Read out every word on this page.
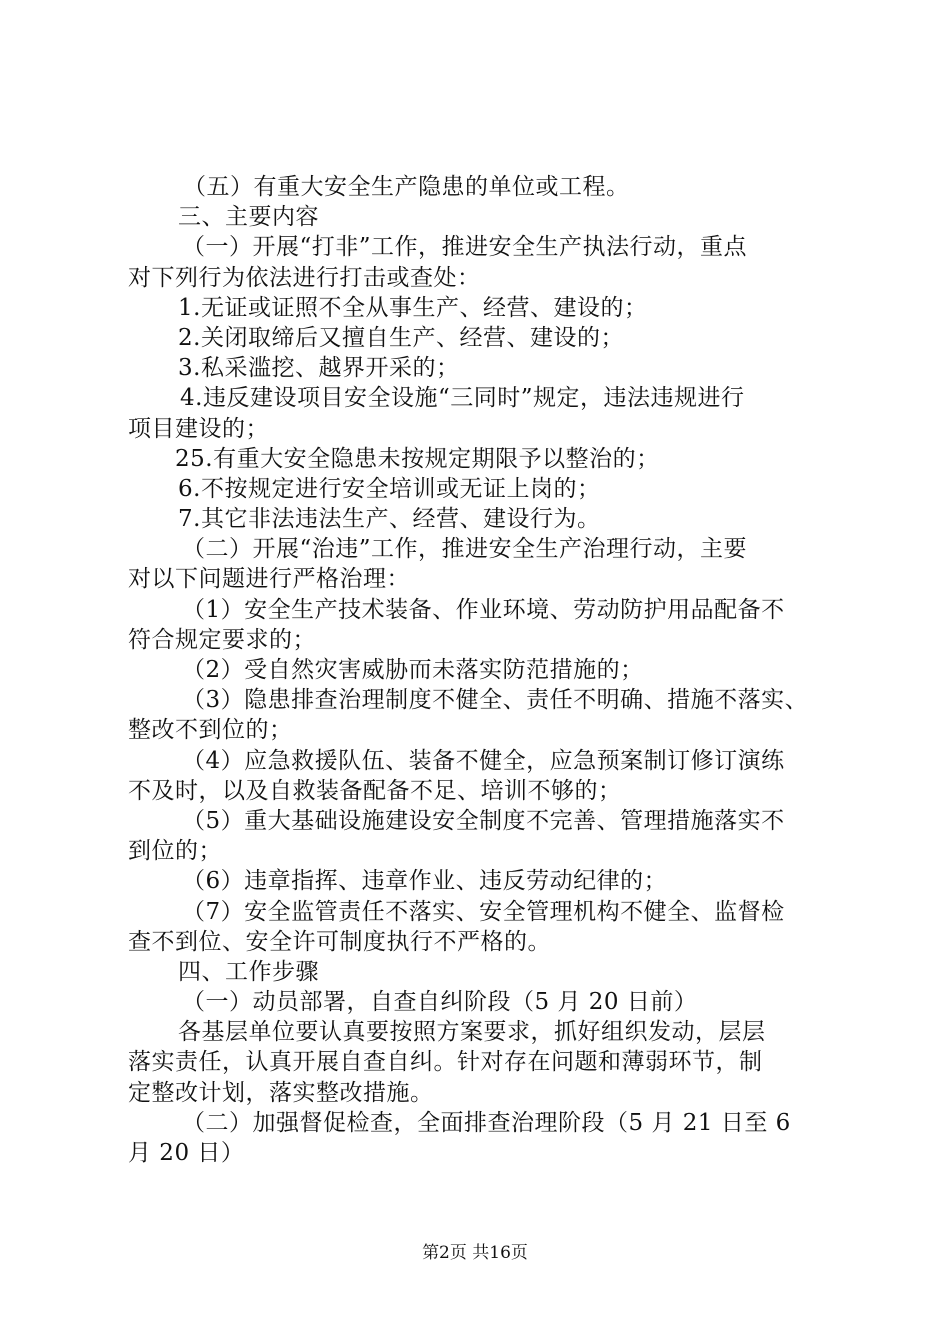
（五）有重大安全生产隐患的单位或工程。
三、主要内容
（一）开展“打非”工作，推进安全生产执法行动，重点
对下列行为依法进行打击或查处：
1.无证或证照不全从事生产、经营、建设的；
2.关闭取缔后又擅自生产、经营、建设的；
3.私采滥挖、越界开采的；
4.违反建设项目安全设施“三同时”规定，违法违规进行
项目建设的；
25.有重大安全隐患未按规定期限予以整治的；
6.不按规定进行安全培训或无证上岗的；
7.其它非法违法生产、经营、建设行为。
（二）开展“治违”工作，推进安全生产治理行动，主要
对以下问题进行严格治理：
（1）安全生产技术装备、作业环境、劳动防护用品配备不
符合规定要求的；
（2）受自然灾害威胁而未落实防范措施的；
（3）隐患排查治理制度不健全、责任不明确、措施不落实、
整改不到位的；
（4）应急救援队伍、装备不健全，应急预案制订修订演练
不及时，以及自救装备配备不足、培训不够的；
（5）重大基础设施建设安全制度不完善、管理措施落实不
到位的；
（6）违章指挥、违章作业、违反劳动纪律的；
（7）安全监管责任不落实、安全管理机构不健全、监督检
查不到位、安全许可制度执行不严格的。
四、工作步骤
（一）动员部署，自查自纠阶段（5 月 20 日前）
各基层单位要认真要按照方案要求，抓好组织发动，层层
落实责任，认真开展自查自纠。针对存在问题和薄弱环节，制
定整改计划，落实整改措施。
（二）加强督促检查，全面排查治理阶段（5 月 21 日至 6
月 20 日）
第2页 共16页
